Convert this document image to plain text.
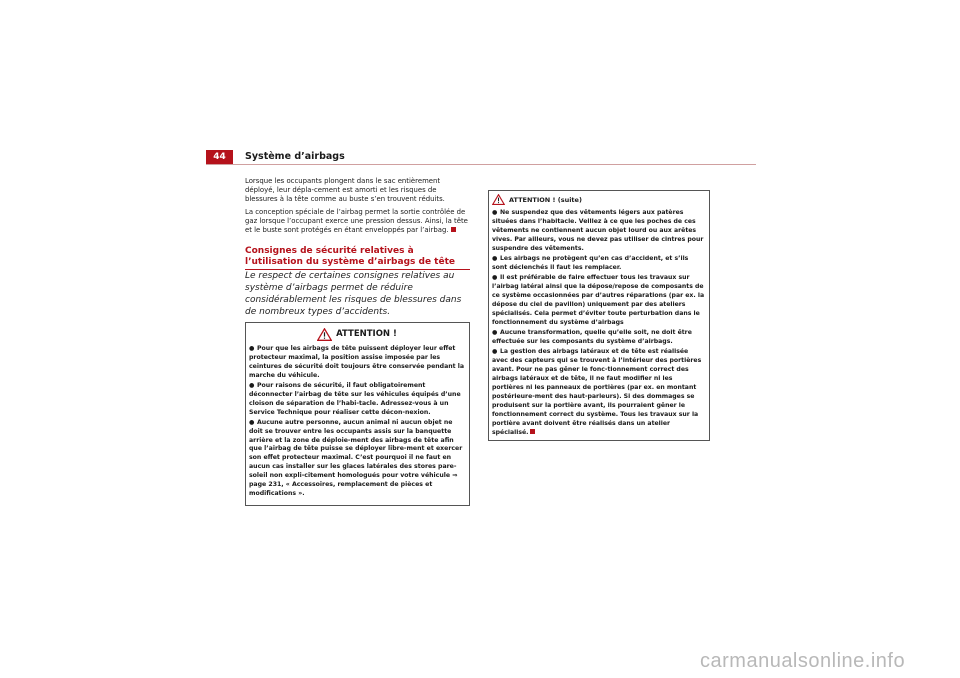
44 Système d’airbags

Lorsque les occupants plongent dans le sac entièrement déployé, leur dépla-cement est amorti et les risques de blessures à la tête comme au buste s’en trouvent réduits.

La conception spéciale de l’airbag permet la sortie contrôlée de gaz lorsque l’occupant exerce une pression dessus. Ainsi, la tête et le buste sont protégés en étant enveloppés par l’airbag.

Consignes de sécurité relatives à l’utilisation du système d’airbags de tête

Le respect de certaines consignes relatives au système d’airbags permet de réduire considérablement les risques de blessures dans de nombreux types d’accidents.

ATTENTION !
● Pour que les airbags de tête puissent déployer leur effet protecteur maximal, la position assise imposée par les ceintures de sécurité doit toujours être conservée pendant la marche du véhicule.
● Pour raisons de sécurité, il faut obligatoirement déconnecter l’airbag de tête sur les véhicules équipés d’une cloison de séparation de l’habi-tacle. Adressez-vous à un Service Technique pour réaliser cette décon-nexion.
● Aucune autre personne, aucun animal ni aucun objet ne doit se trouver entre les occupants assis sur la banquette arrière et la zone de déploie-ment des airbags de tête afin que l’airbag de tête puisse se déployer libre-ment et exercer son effet protecteur maximal. C’est pourquoi il ne faut en aucun cas installer sur les glaces latérales des stores pare-soleil non expli-citement homologués pour votre véhicule ⇒ page 231, « Accessoires, remplacement de pièces et modifications ».
ATTENTION ! (suite)
● Ne suspendez que des vêtements légers aux patères situées dans l’habitacle. Veillez à ce que les poches de ces vêtements ne contiennent aucun objet lourd ou aux arêtes vives. Par ailleurs, vous ne devez pas utiliser de cintres pour suspendre des vêtements.
● Les airbags ne protègent qu’en cas d’accident, et s’ils sont déclenchés il faut les remplacer.
● Il est préférable de faire effectuer tous les travaux sur l’airbag latéral ainsi que la dépose/repose de composants de ce système occasionnées par d’autres réparations (par ex. la dépose du ciel de pavillon) uniquement par des ateliers spécialisés. Cela permet d’éviter toute perturbation dans le fonctionnement du système d’airbags
● Aucune transformation, quelle qu’elle soit, ne doit être effectuée sur les composants du système d’airbags.
● La gestion des airbags latéraux et de tête est réalisée avec des capteurs qui se trouvent à l’intérieur des portières avant. Pour ne pas gêner le fonc-tionnement correct des airbags latéraux et de tête, il ne faut modifier ni les portières ni les panneaux de portières (par ex. en montant postérieure-ment des haut-parleurs). Si des dommages se produisent sur la portière avant, ils pourraient gêner le fonctionnement correct du système. Tous les travaux sur la portière avant doivent être réalisés dans un atelier spécialisé.
carmanualsonline.info
